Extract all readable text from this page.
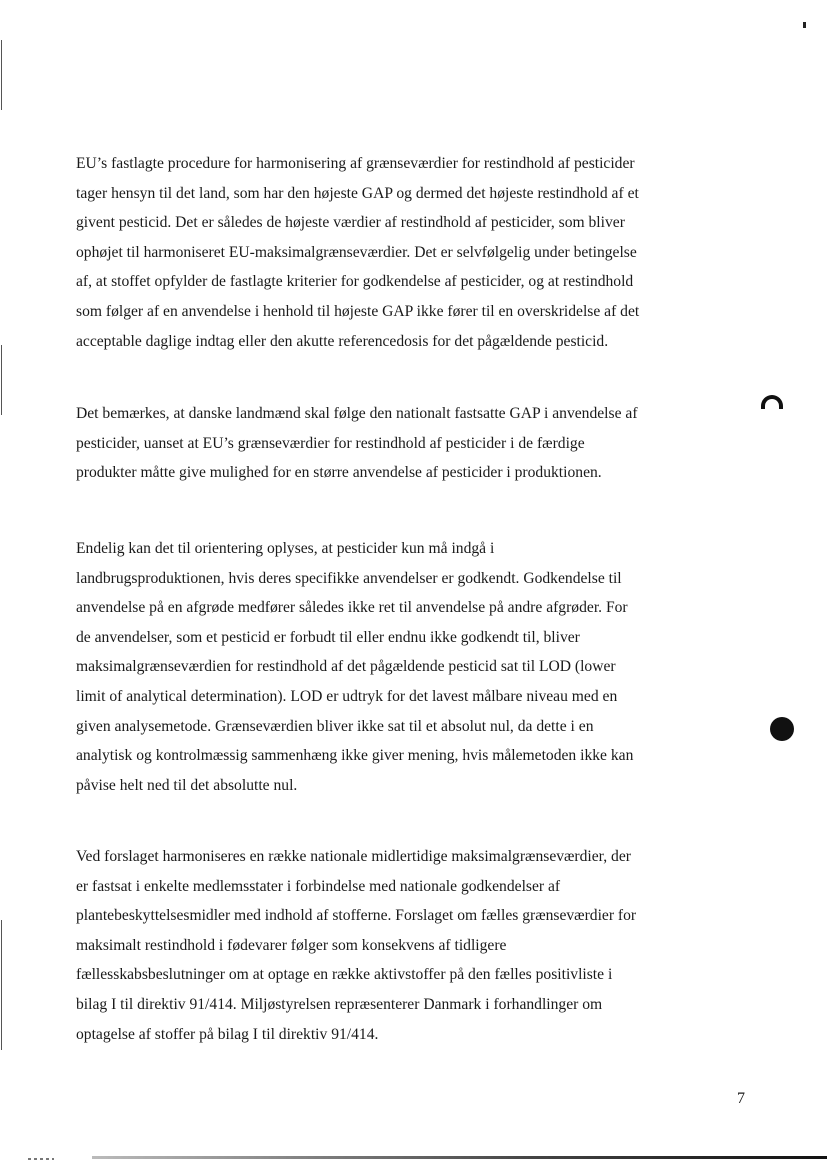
EU’s fastlagte procedure for harmonisering af grænseværdier for restindhold af pesticider
tager hensyn til det land, som har den højeste GAP og dermed det højeste restindhold af et
givent pesticid. Det er således de højeste værdier af restindhold af pesticider, som bliver
ophøjet til harmoniseret EU-maksimalgrænseværdier. Det er selvfølgelig under betingelse
af, at stoffet opfylder de fastlagte kriterier for godkendelse af pesticider, og at restindhold
som følger af en anvendelse i henhold til højeste GAP ikke fører til en overskridelse af det
acceptable daglige indtag eller den akutte referencedosis for det pågældende pesticid.

Det bemærkes, at danske landmænd skal følge den nationalt fastsatte GAP i anvendelse af
pesticider, uanset at EU’s grænseværdier for restindhold af pesticider i de færdige
produkter måtte give mulighed for en større anvendelse af pesticider i produktionen.

Endelig kan det til orientering oplyses, at pesticider kun må indgå i
landbrugsproduktionen, hvis deres specifikke anvendelser er godkendt. Godkendelse til
anvendelse på en afgrøde medfører således ikke ret til anvendelse på andre afgrøder. For
de anvendelser, som et pesticid er forbudt til eller endnu ikke godkendt til, bliver
maksimalgrænseværdien for restindhold af det pågældende pesticid sat til LOD (lower
limit of analytical determination). LOD er udtryk for det lavest målbare niveau med en
given analysemetode. Grænseværdien bliver ikke sat til et absolut nul, da dette i en
analytisk og kontrolmæssig sammenhæng ikke giver mening, hvis målemetoden ikke kan
påvise helt ned til det absolutte nul.

Ved forslaget harmoniseres en række nationale midlertidige maksimalgrænseværdier, der
er fastsat i enkelte medlemsstater i forbindelse med nationale godkendelser af
plantebeskyttelsesmidler med indhold af stofferne. Forslaget om fælles grænseværdier for
maksimalt restindhold i fødevarer følger som konsekvens af tidligere
fællesskabsbeslutninger om at optage en række aktivstoffer på den fælles positivliste i
bilag I til direktiv 91/414. Miljøstyrelsen repræsenterer Danmark i forhandlinger om
optagelse af stoffer på bilag I til direktiv 91/414.

7
